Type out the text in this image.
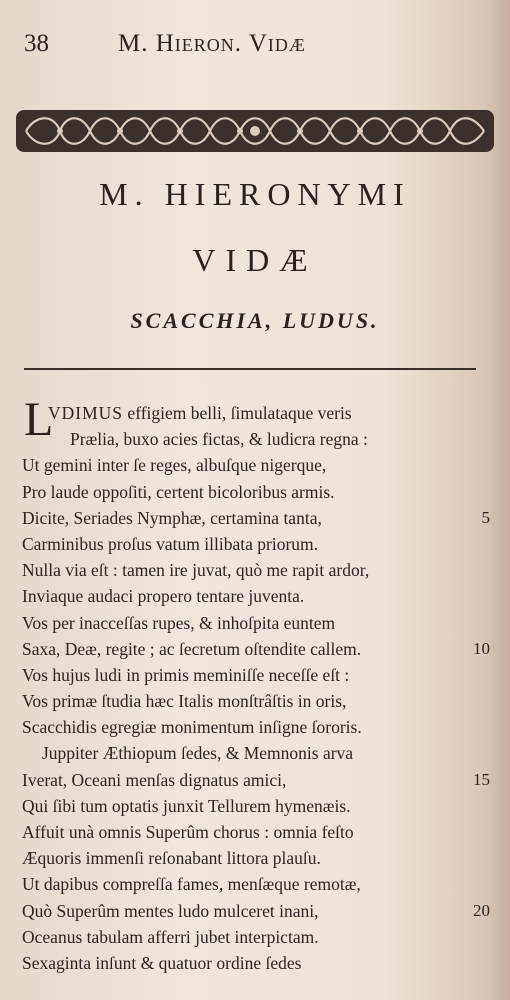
38	M. Hieron. Vidæ
M. HIERONYMI
VIDÆ
SCACCHIA, LUDUS.
L
VDIMUS effigiem belli, ſimulataque veris
Prælia, buxo acies fictas, & ludicra regna :
Ut gemini inter ſe reges, albuſque nigerque,
Pro laude oppoſiti, certent bicoloribus armis.
Dicite, Seriades Nymphæ, certamina tanta,	5
Carminibus proſus vatum illibata priorum.
Nulla via eſt : tamen ire juvat, quò me rapit ardor,
Inviaque audaci propero tentare juventa.
Vos per inacceſſas rupes, & inhoſpita euntem
Saxa, Deæ, regite ; ac ſecretum oſtendite callem.	10
Vos hujus ludi in primis meminiſſe neceſſe eſt :
Vos primæ ſtudia hæc Italis monſtrâſtis in oris,
Scacchidis egregiæ monimentum inſigne ſororis.
Juppiter Æthiopum ſedes, & Memnonis arva
Iverat, Oceani menſas dignatus amici,	15
Qui ſibi tum optatis junxit Tellurem hymenæis.
Affuit unà omnis Superûm chorus : omnia feſto
Æquoris immenſi reſonabant littora plauſu.
Ut dapibus compreſſa fames, menſæque remotæ,
Quò Superûm mentes ludo mulceret inani,	20
Oceanus tabulam afferri jubet interpictam.
Sexaginta inſunt & quatuor ordine ſedes
